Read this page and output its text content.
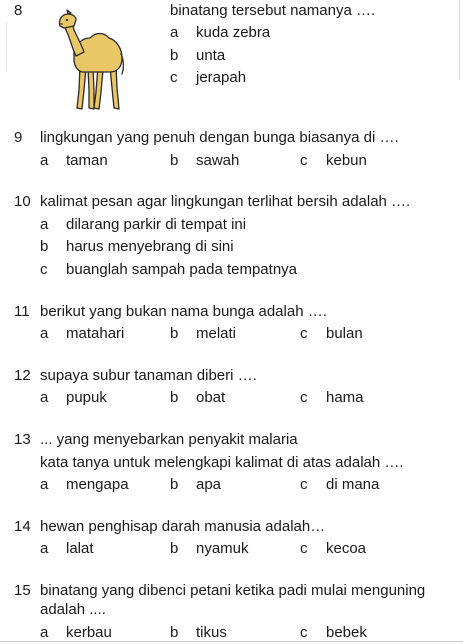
8	binatang tersebut namanya ….
a kuda zebra
b unta
c jerapah
9	lingkungan yang penuh dengan bunga biasanya di ….
a taman	b sawah	c kebun
10 kalimat pesan agar lingkungan terlihat bersih adalah ….
a dilarang parkir di tempat ini
b harus menyebrang di sini
c buanglah sampah pada tempatnya
11 berikut yang bukan nama bunga adalah ….
a matahari	b melati	c bulan
12 supaya subur tanaman diberi ….
a pupuk	b obat	c hama
13 ... yang menyebarkan penyakit malaria
kata tanya untuk melengkapi kalimat di atas adalah ….
a mengapa	b apa	c di mana
14 hewan penghisap darah manusia adalah…
a lalat	b nyamuk	c kecoa
15 binatang yang dibenci petani ketika padi mulai menguning
adalah ....
a kerbau	b tikus	c bebek
